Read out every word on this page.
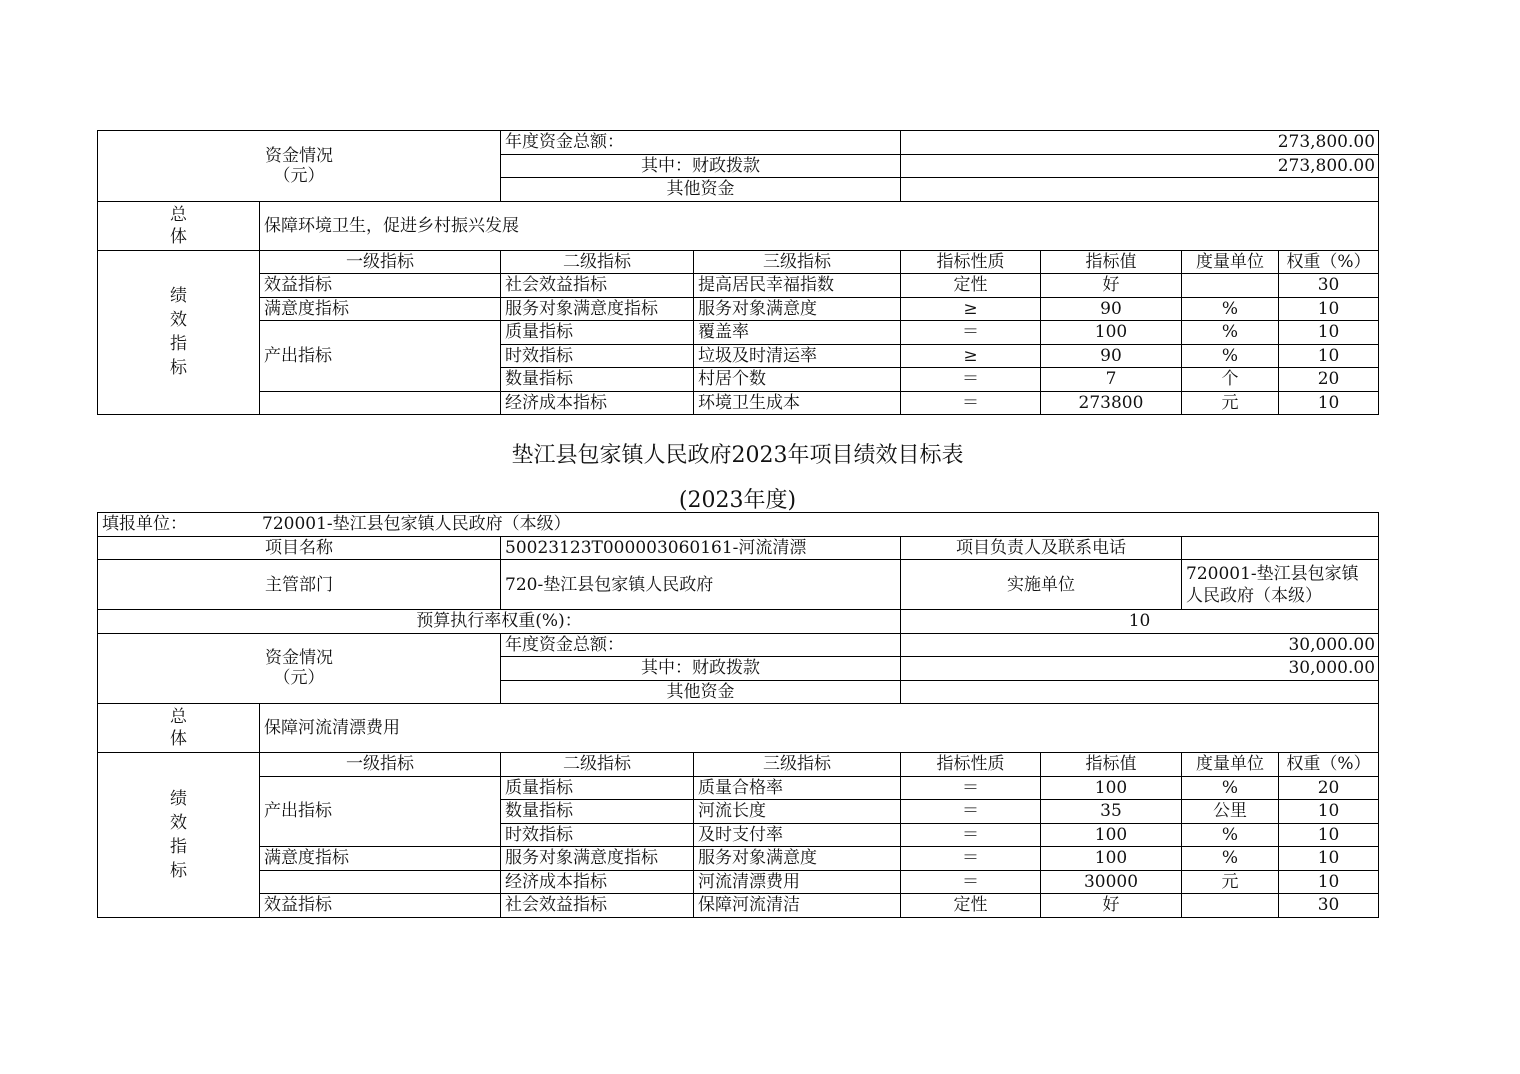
资金情况
（元）		年度资金总额：		273,800.00			
		其中：财政拨款		273,800.00			
		其他资金					

总
体	保障环境卫生，促进乡村振兴发展						

绩
效
指
标	一级指标	二级指标	三级指标	指标性质	指标值	度量单位	权重（%）
	效益指标	社会效益指标	提高居民幸福指数	定性	好		30
	满意度指标	服务对象满意度指标	服务对象满意度	≥	90	%	10
	产出指标	质量指标	覆盖率	＝	100	%	10
		时效指标	垃圾及时清运率	≥	90	%	10
		数量指标	村居个数	＝	7	个	20
		经济成本指标	环境卫生成本	＝	273800	元	10
垫江县包家镇人民政府2023年项目绩效目标表
(2023年度)
填报单位： 720001-垫江县包家镇人民政府（本级）							
项目名称		50023123T000003060161-河流清漂		项目负责人及联系电话			
主管部门		720-垫江县包家镇人民政府		实施单位		720001-垫江县包家镇人民政府（本级）	
预算执行率权重(%)：				10			

资金情况
（元）		年度资金总额：		30,000.00			
		其中：财政拨款		30,000.00			
		其他资金					

总
体	保障河流清漂费用						

绩
效
指
标	一级指标	二级指标	三级指标	指标性质	指标值	度量单位	权重（%）
	产出指标	质量指标	质量合格率	＝	100	%	20
		数量指标	河流长度	＝	35	公里	10
		时效指标	及时支付率	＝	100	%	10
	满意度指标	服务对象满意度指标	服务对象满意度	＝	100	%	10
		经济成本指标	河流清漂费用	＝	30000	元	10
	效益指标	社会效益指标	保障河流清洁	定性	好		30
